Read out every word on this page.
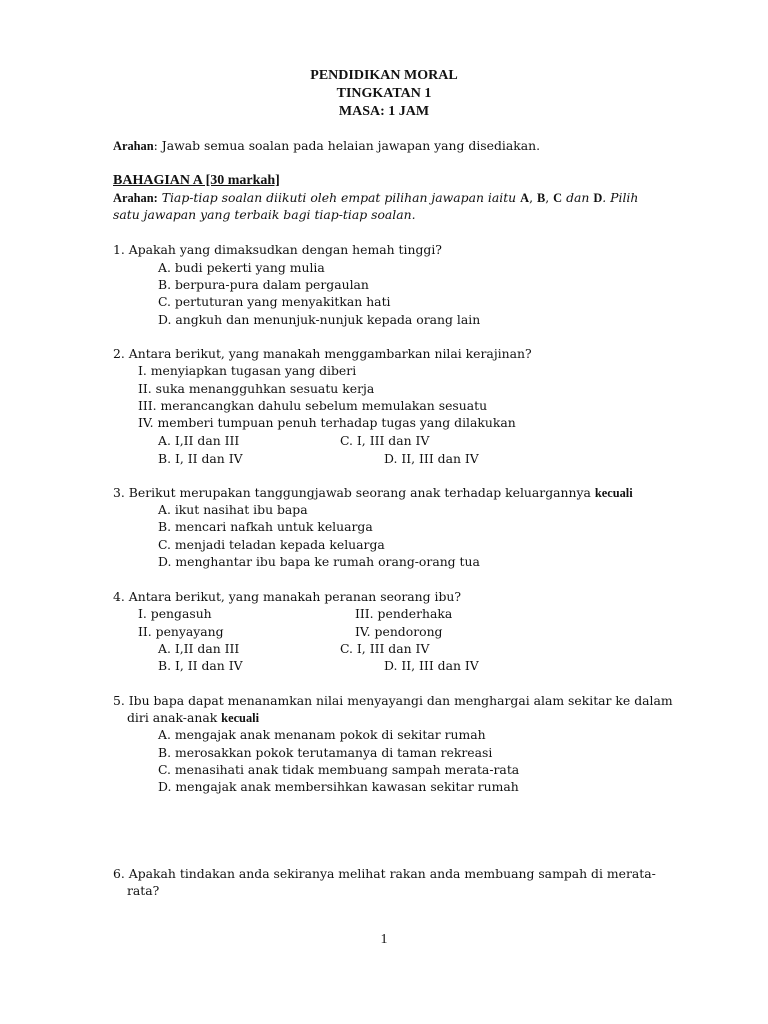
PENDIDIKAN MORAL
TINGKATAN 1
MASA: 1 JAM
Arahan: Jawab semua soalan pada helaian jawapan yang disediakan.
BAHAGIAN A [30 markah]
Arahan: Tiap-tiap soalan diikuti oleh empat pilihan jawapan iaitu A, B, C dan D. Pilih
satu jawapan yang terbaik bagi tiap-tiap soalan.
1. Apakah yang dimaksudkan dengan hemah tinggi?
A. budi pekerti yang mulia
B. berpura-pura dalam pergaulan
C. pertuturan yang menyakitkan hati
D. angkuh dan menunjuk-nunjuk kepada orang lain
2. Antara berikut, yang manakah menggambarkan nilai kerajinan?
I. menyiapkan tugasan yang diberi
II. suka menangguhkan sesuatu kerja
III. merancangkan dahulu sebelum memulakan sesuatu
IV. memberi tumpuan penuh terhadap tugas yang dilakukan
A. I,II dan III	C. I, III dan IV
B. I, II dan IV	D. II, III dan IV
3. Berikut merupakan tanggungjawab seorang anak terhadap keluargannya kecuali
A. ikut nasihat ibu bapa
B. mencari nafkah untuk keluarga
C. menjadi teladan kepada keluarga
D. menghantar ibu bapa ke rumah orang-orang tua
4. Antara berikut, yang manakah peranan seorang ibu?
I. pengasuh	III. penderhaka
II. penyayang	IV. pendorong
A. I,II dan III	C. I, III dan IV
B. I, II dan IV	D. II, III dan IV
5. Ibu bapa dapat menanamkan nilai menyayangi dan menghargai alam sekitar ke dalam
diri anak-anak kecuali
A. mengajak anak menanam pokok di sekitar rumah
B. merosakkan pokok terutamanya di taman rekreasi
C. menasihati anak tidak membuang sampah merata-rata
D. mengajak anak membersihkan kawasan sekitar rumah
6. Apakah tindakan anda sekiranya melihat rakan anda membuang sampah di merata-
rata?
1
